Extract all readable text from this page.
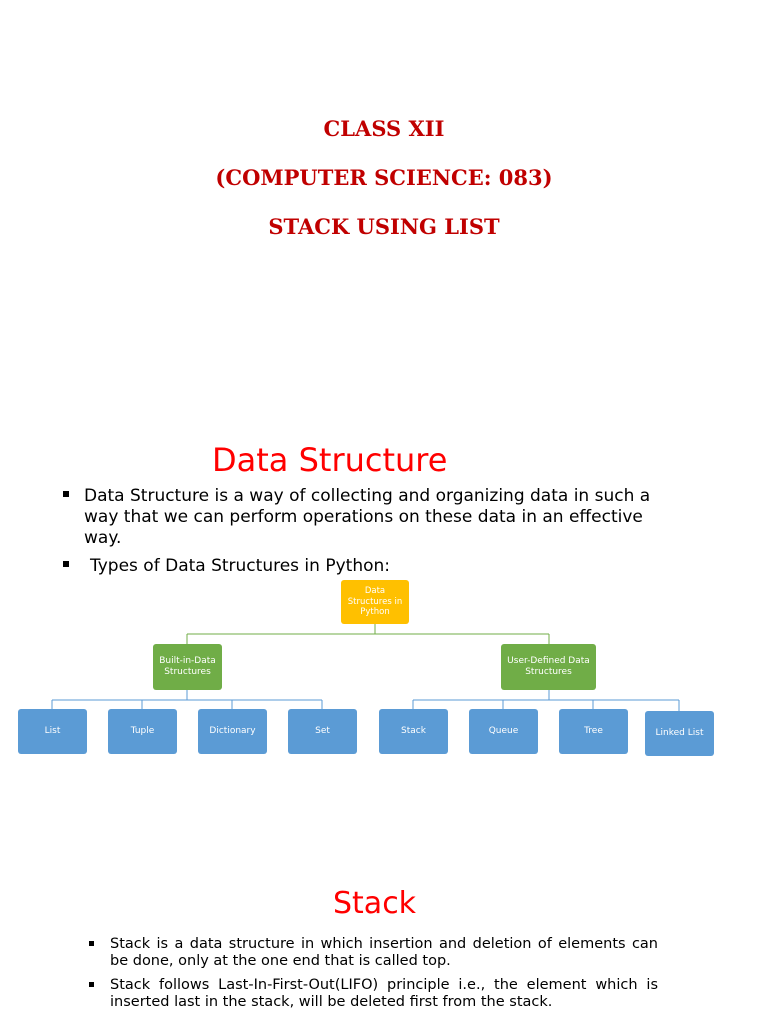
CLASS XII
(COMPUTER SCIENCE: 083)
STACK USING LIST
Data Structure
Data Structure is a way of collecting and organizing data in such a way that we can perform operations on these data in an effective way.
Types of Data Structures in Python:
Data Structures in Python
Built-in-Data Structures
User-Defined Data Structures
List	Tuple	Dictionary	Set	Stack	Queue	Tree	Linked List
Stack
Stack is a data structure in which insertion and deletion of elements can be done, only at the one end that is called top.
Stack follows Last-In-First-Out(LIFO) principle i.e., the element which is inserted last in the stack, will be deleted first from the stack.
